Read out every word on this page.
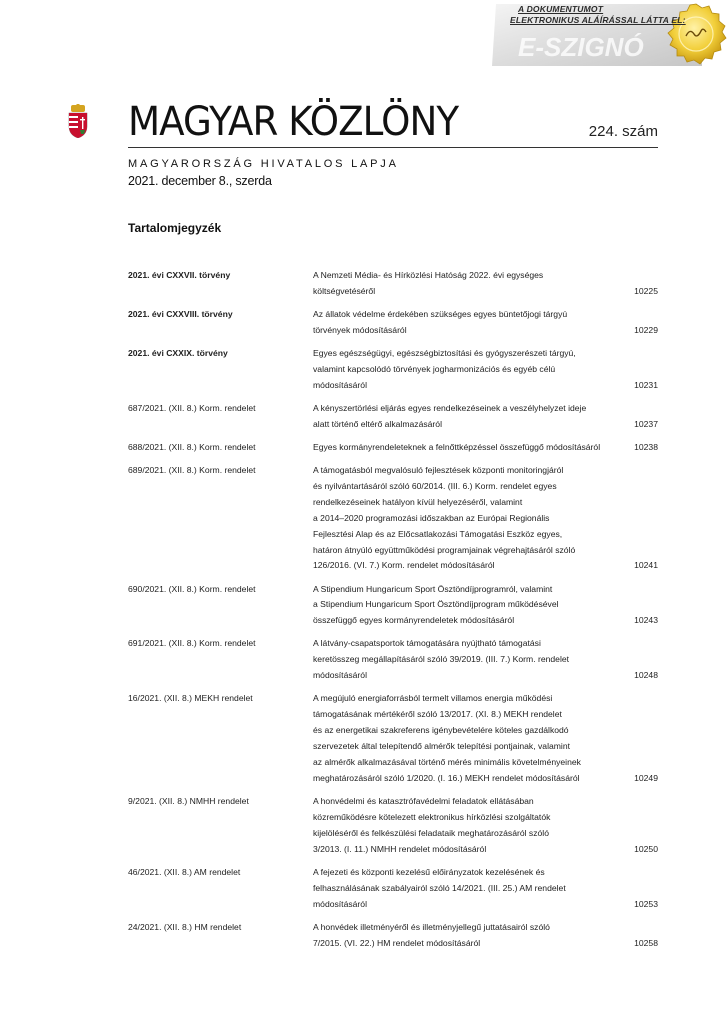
E-SZIGNÓ
A DOKUMENTUMOT
ELEKTRONIKUS ALÁÍRÁSSAL LÁTTA EL:
MAGYAR KÖZLÖNY	224. szám
MAGYARORSZÁG HIVATALOS LAPJA
2021. december 8., szerda
Tartalomjegyzék
2021. évi CXXVII. törvény	A Nemzeti Média- és Hírközlési Hatóság 2022. évi egységes
költségvetéséről	10225
2021. évi CXXVIII. törvény	Az állatok védelme érdekében szükséges egyes büntetőjogi tárgyú
törvények módosításáról	10229
2021. évi CXXIX. törvény	Egyes egészségügyi, egészségbiztosítási és gyógyszerészeti tárgyú,
valamint kapcsolódó törvények jogharmonizációs és egyéb célú
módosításáról	10231
687/2021. (XII. 8.) Korm. rendelet	A kényszertörlési eljárás egyes rendelkezéseinek a veszélyhelyzet ideje
alatt történő eltérő alkalmazásáról	10237
688/2021. (XII. 8.) Korm. rendelet	Egyes kormányrendeleteknek a felnőttképzéssel összefüggő módosításáról	10238
689/2021. (XII. 8.) Korm. rendelet	A támogatásból megvalósuló fejlesztések központi monitoringjáról
és nyilvántartásáról szóló 60/2014. (III. 6.) Korm. rendelet egyes
rendelkezéseinek hatályon kívül helyezéséről, valamint
a 2014–2020 programozási időszakban az Európai Regionális
Fejlesztési Alap és az Előcsatlakozási Támogatási Eszköz egyes,
határon átnyúló együttműködési programjainak végrehajtásáról szóló
126/2016. (VI. 7.) Korm. rendelet módosításáról	10241
690/2021. (XII. 8.) Korm. rendelet	A Stipendium Hungaricum Sport Ösztöndíjprogramról, valamint
a Stipendium Hungaricum Sport Ösztöndíjprogram működésével
összefüggő egyes kormányrendeletek módosításáról	10243
691/2021. (XII. 8.) Korm. rendelet	A látvány-csapatsportok támogatására nyújtható támogatási
keretösszeg megállapításáról szóló 39/2019. (III. 7.) Korm. rendelet
módosításáról	10248
16/2021. (XII. 8.) MEKH rendelet	A megújuló energiaforrásból termelt villamos energia működési
támogatásának mértékéről szóló 13/2017. (XI. 8.) MEKH rendelet
és az energetikai szakreferens igénybevételére köteles gazdálkodó
szervezetek által telepítendő almérők telepítési pontjainak, valamint
az almérők alkalmazásával történő mérés minimális követelményeinek
meghatározásáról szóló 1/2020. (I. 16.) MEKH rendelet módosításáról	10249
9/2021. (XII. 8.) NMHH rendelet	A honvédelmi és katasztrófavédelmi feladatok ellátásában
közreműködésre kötelezett elektronikus hírközlési szolgáltatók
kijelöléséről és felkészülési feladataik meghatározásáról szóló
3/2013. (I. 11.) NMHH rendelet módosításáról	10250
46/2021. (XII. 8.) AM rendelet	A fejezeti és központi kezelésű előirányzatok kezelésének és
felhasználásának szabályairól szóló 14/2021. (III. 25.) AM rendelet
módosításáról	10253
24/2021. (XII. 8.) HM rendelet	A honvédek illetményéről és illetményjellegű juttatásairól szóló
7/2015. (VI. 22.) HM rendelet módosításáról	10258
